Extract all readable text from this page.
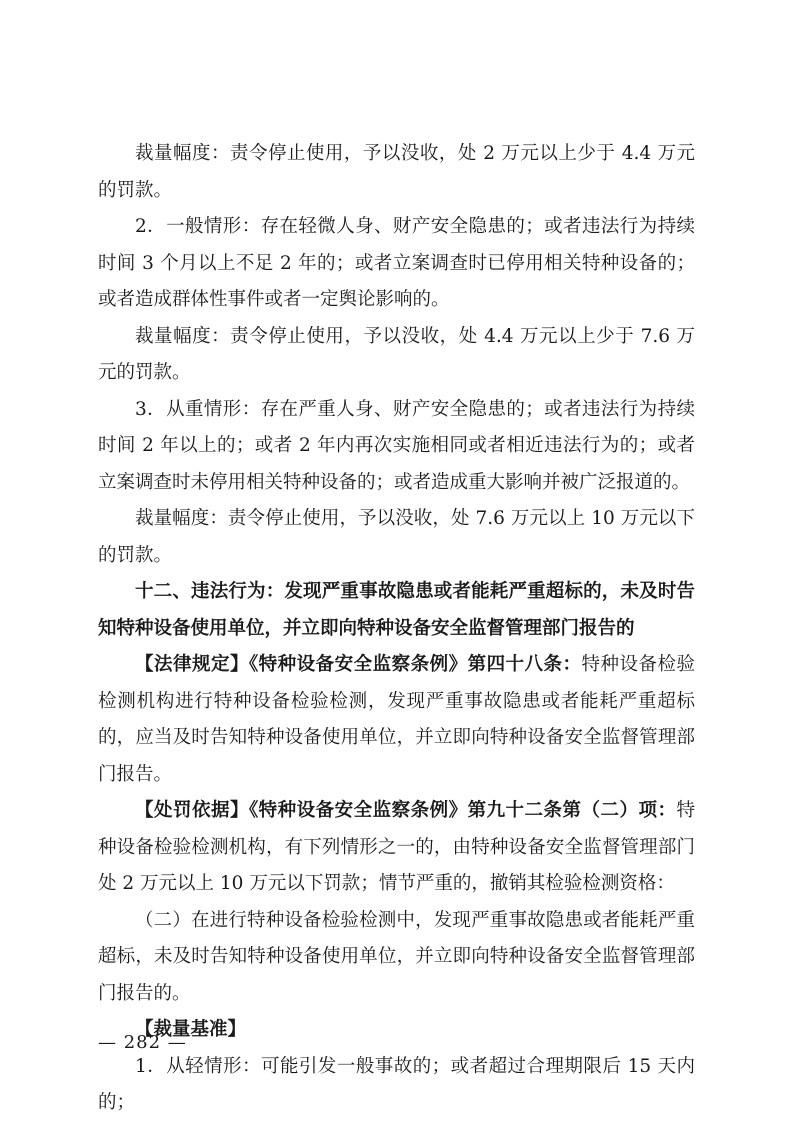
裁量幅度：责令停止使用，予以没收，处 2 万元以上少于 4.4 万元的罚款。

2．一般情形：存在轻微人身、财产安全隐患的；或者违法行为持续时间 3 个月以上不足 2 年的；或者立案调查时已停用相关特种设备的；或者造成群体性事件或者一定舆论影响的。

裁量幅度：责令停止使用，予以没收，处 4.4 万元以上少于 7.6 万元的罚款。

3．从重情形：存在严重人身、财产安全隐患的；或者违法行为持续时间 2 年以上的；或者 2 年内再次实施相同或者相近违法行为的；或者立案调查时未停用相关特种设备的；或者造成重大影响并被广泛报道的。

裁量幅度：责令停止使用，予以没收，处 7.6 万元以上 10 万元以下的罚款。

十二、违法行为：发现严重事故隐患或者能耗严重超标的，未及时告知特种设备使用单位，并立即向特种设备安全监督管理部门报告的

【法律规定】《特种设备安全监察条例》第四十八条：特种设备检验检测机构进行特种设备检验检测，发现严重事故隐患或者能耗严重超标的，应当及时告知特种设备使用单位，并立即向特种设备安全监督管理部门报告。

【处罚依据】《特种设备安全监察条例》第九十二条第（二）项：特种设备检验检测机构，有下列情形之一的，由特种设备安全监督管理部门处 2 万元以上 10 万元以下罚款；情节严重的，撤销其检验检测资格：

（二）在进行特种设备检验检测中，发现严重事故隐患或者能耗严重超标，未及时告知特种设备使用单位，并立即向特种设备安全监督管理部门报告的。

【裁量基准】

1．从轻情形：可能引发一般事故的；或者超过合理期限后 15 天内的；

— 282 —
